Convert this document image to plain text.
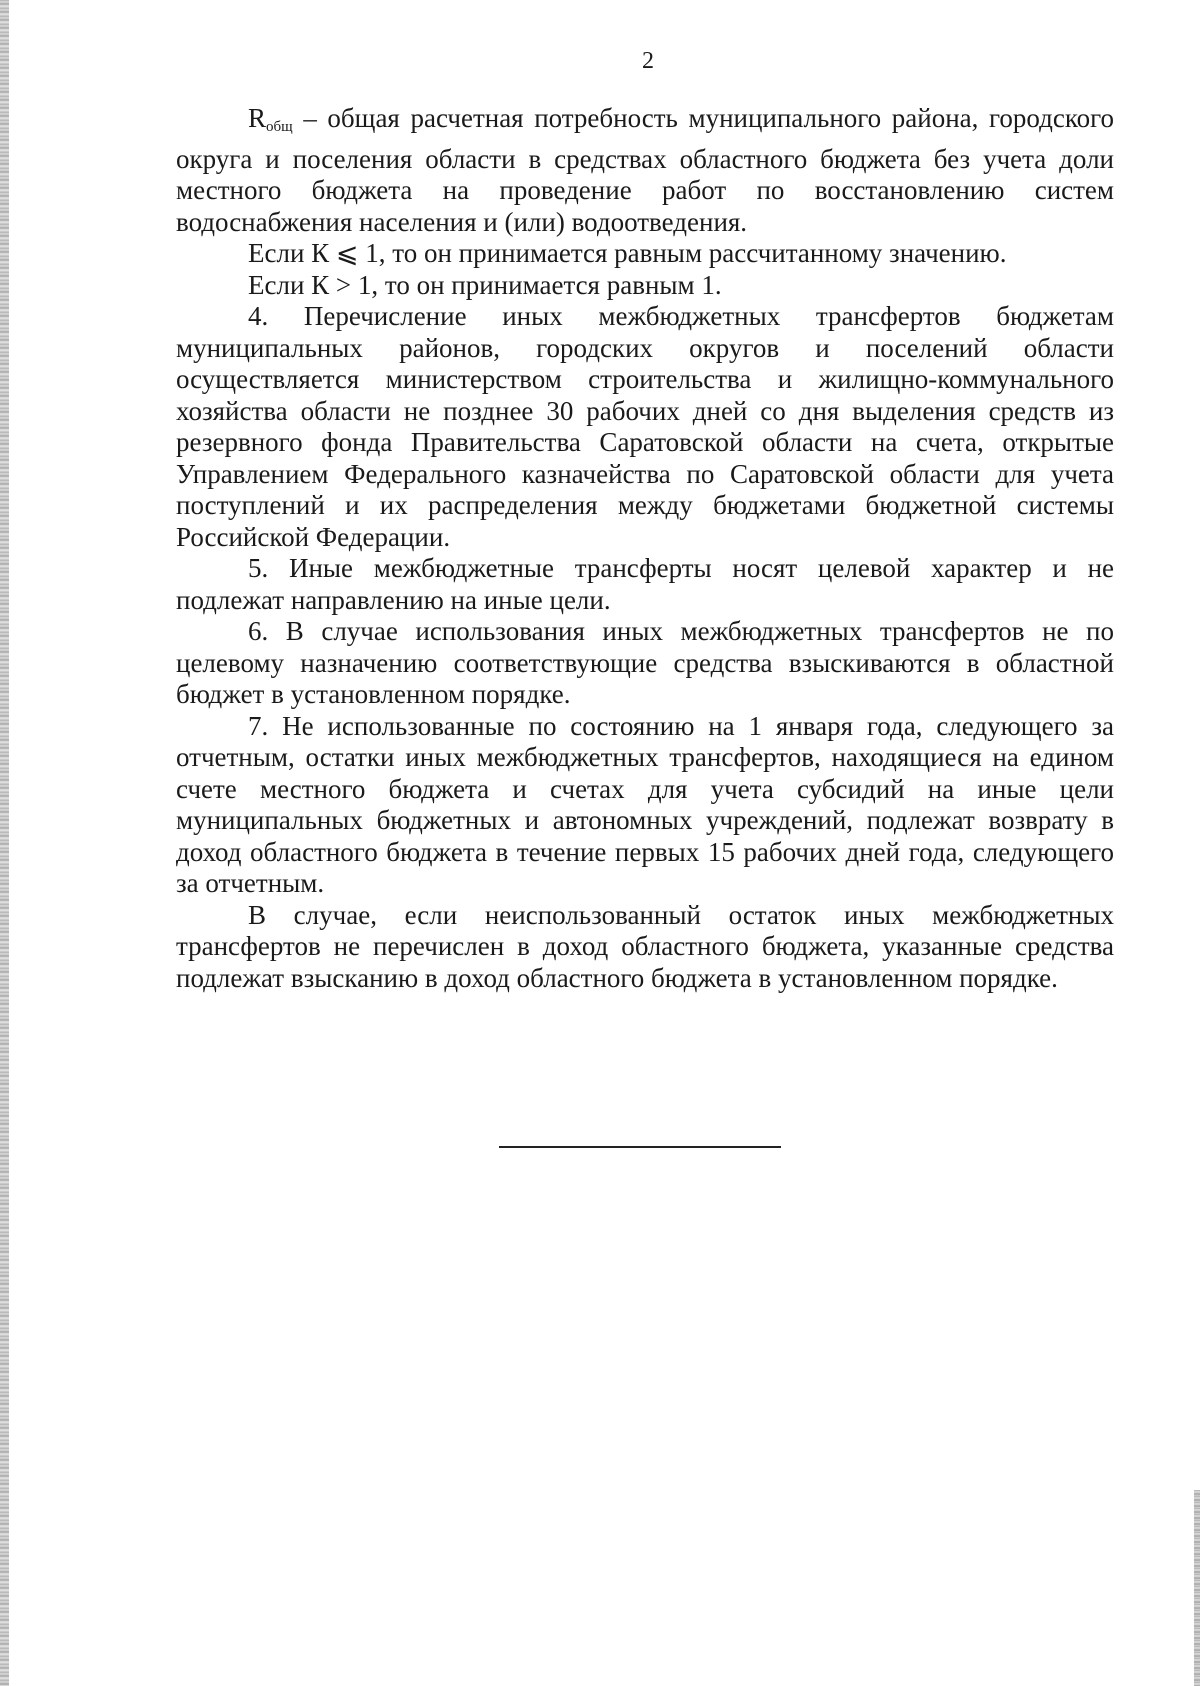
2

$R_{общ}$ – общая расчетная потребность муниципального района, городского округа и поселения области в средствах областного бюджета без учета доли местного бюджета на проведение работ по восстановлению систем водоснабжения населения и (или) водоотведения.

Если К ⩽ 1, то он принимается равным рассчитанному значению.

Если К > 1, то он принимается равным 1.

4. Перечисление иных межбюджетных трансфертов бюджетам муниципальных районов, городских округов и поселений области осуществляется министерством строительства и жилищно-коммунального хозяйства области не позднее 30 рабочих дней со дня выделения средств из резервного фонда Правительства Саратовской области на счета, открытые Управлением Федерального казначейства по Саратовской области для учета поступлений и их распределения между бюджетами бюджетной системы Российской Федерации.

5. Иные межбюджетные трансферты носят целевой характер и не подлежат направлению на иные цели.

6. В случае использования иных межбюджетных трансфертов не по целевому назначению соответствующие средства взыскиваются в областной бюджет в установленном порядке.

7. Не использованные по состоянию на 1 января года, следующего за отчетным, остатки иных межбюджетных трансфертов, находящиеся на едином счете местного бюджета и счетах для учета субсидий на иные цели муниципальных бюджетных и автономных учреждений, подлежат возврату в доход областного бюджета в течение первых 15 рабочих дней года, следующего за отчетным.

В случае, если неиспользованный остаток иных межбюджетных трансфертов не перечислен в доход областного бюджета, указанные средства подлежат взысканию в доход областного бюджета в установленном порядке.
